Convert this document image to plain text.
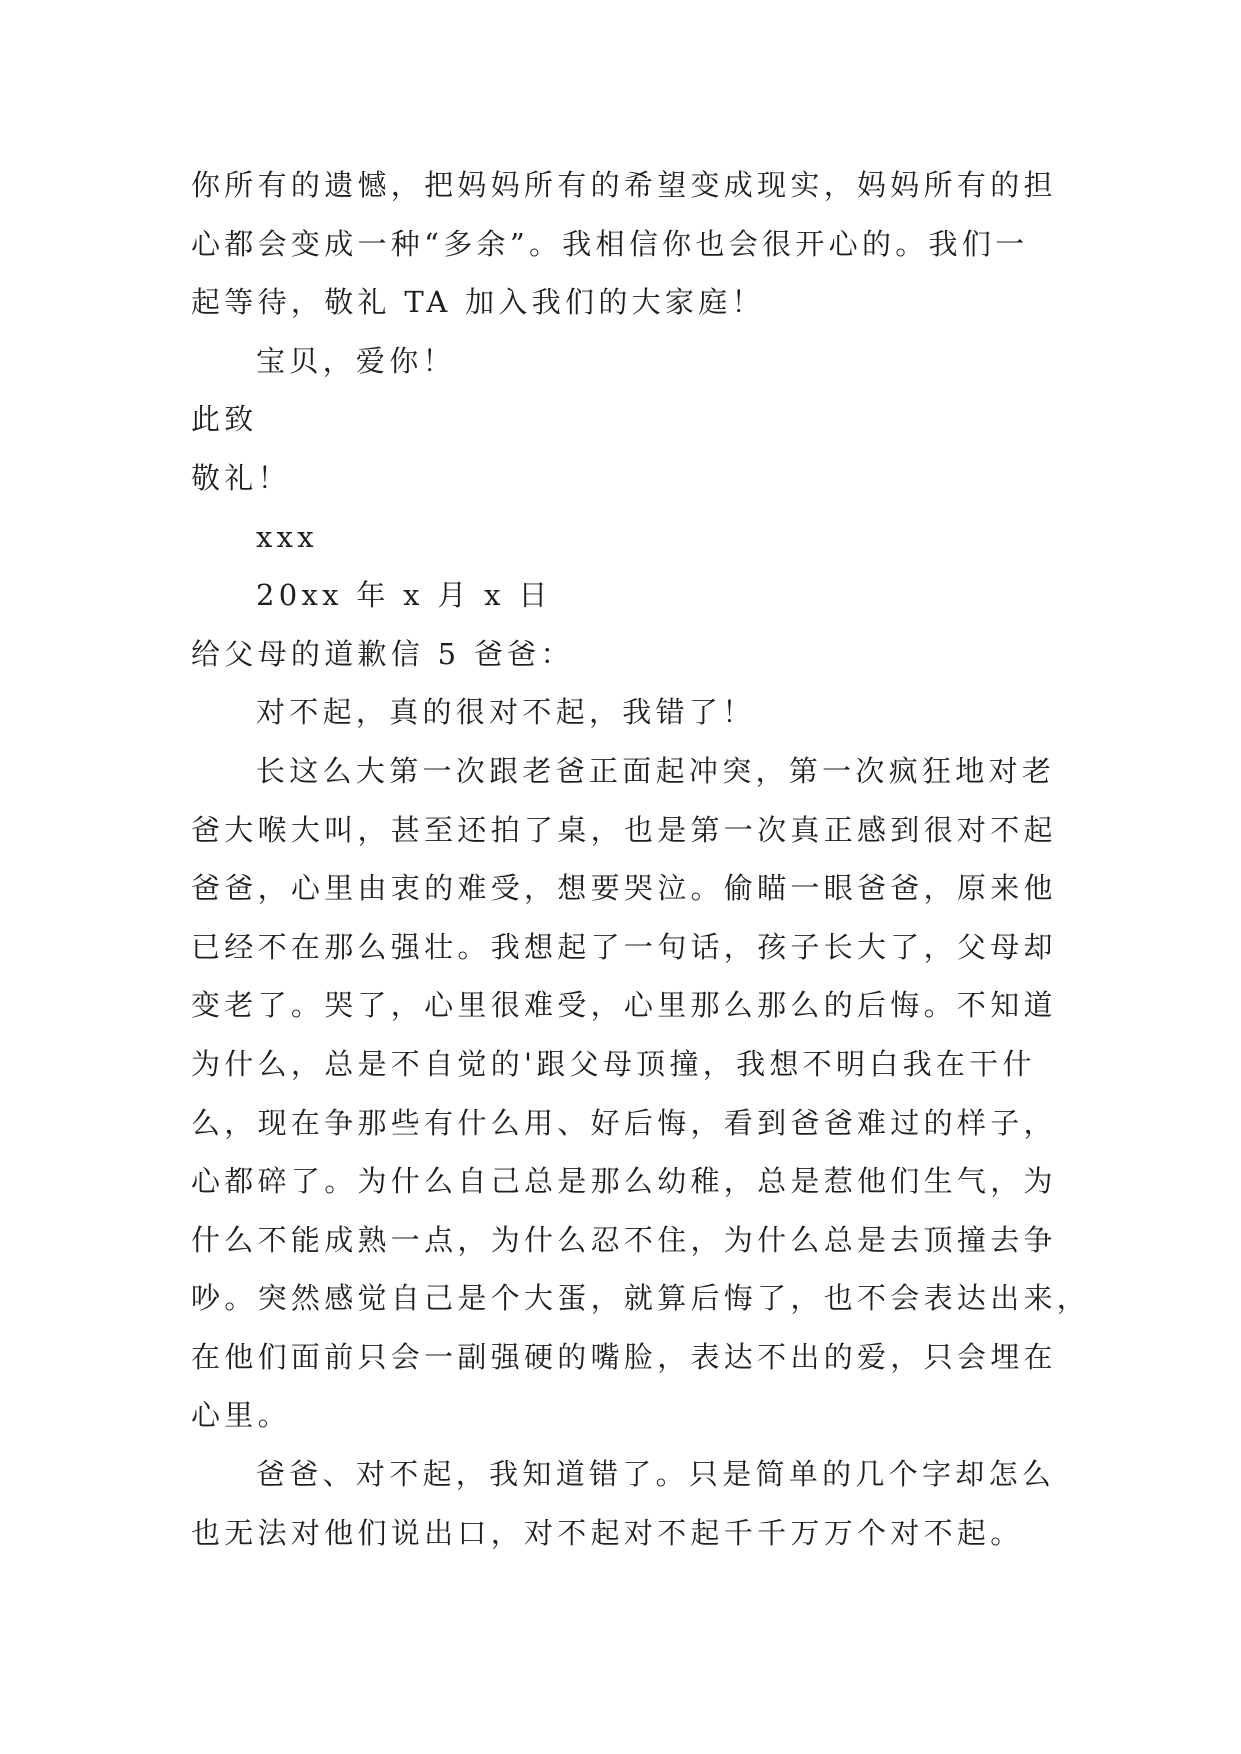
你所有的遗憾，把妈妈所有的希望变成现实，妈妈所有的担
心都会变成一种“多余”。我相信你也会很开心的。我们一
起等待，敬礼 TA 加入我们的大家庭！
宝贝，爱你！
此致
敬礼！
xxx
20xx 年 x 月 x 日
给父母的道歉信 5 爸爸：
对不起，真的很对不起，我错了！
长这么大第一次跟老爸正面起冲突，第一次疯狂地对老
爸大喉大叫，甚至还拍了桌，也是第一次真正感到很对不起
爸爸，心里由衷的难受，想要哭泣。偷瞄一眼爸爸，原来他
已经不在那么强壮。我想起了一句话，孩子长大了，父母却
变老了。哭了，心里很难受，心里那么那么的后悔。不知道
为什么，总是不自觉的'跟父母顶撞，我想不明白我在干什
么，现在争那些有什么用、好后悔，看到爸爸难过的样子，
心都碎了。为什么自己总是那么幼稚，总是惹他们生气，为
什么不能成熟一点，为什么忍不住，为什么总是去顶撞去争
吵。突然感觉自己是个大蛋，就算后悔了，也不会表达出来，
在他们面前只会一副强硬的嘴脸，表达不出的爱，只会埋在
心里。
爸爸、对不起，我知道错了。只是简单的几个字却怎么
也无法对他们说出口，对不起对不起千千万万个对不起。
